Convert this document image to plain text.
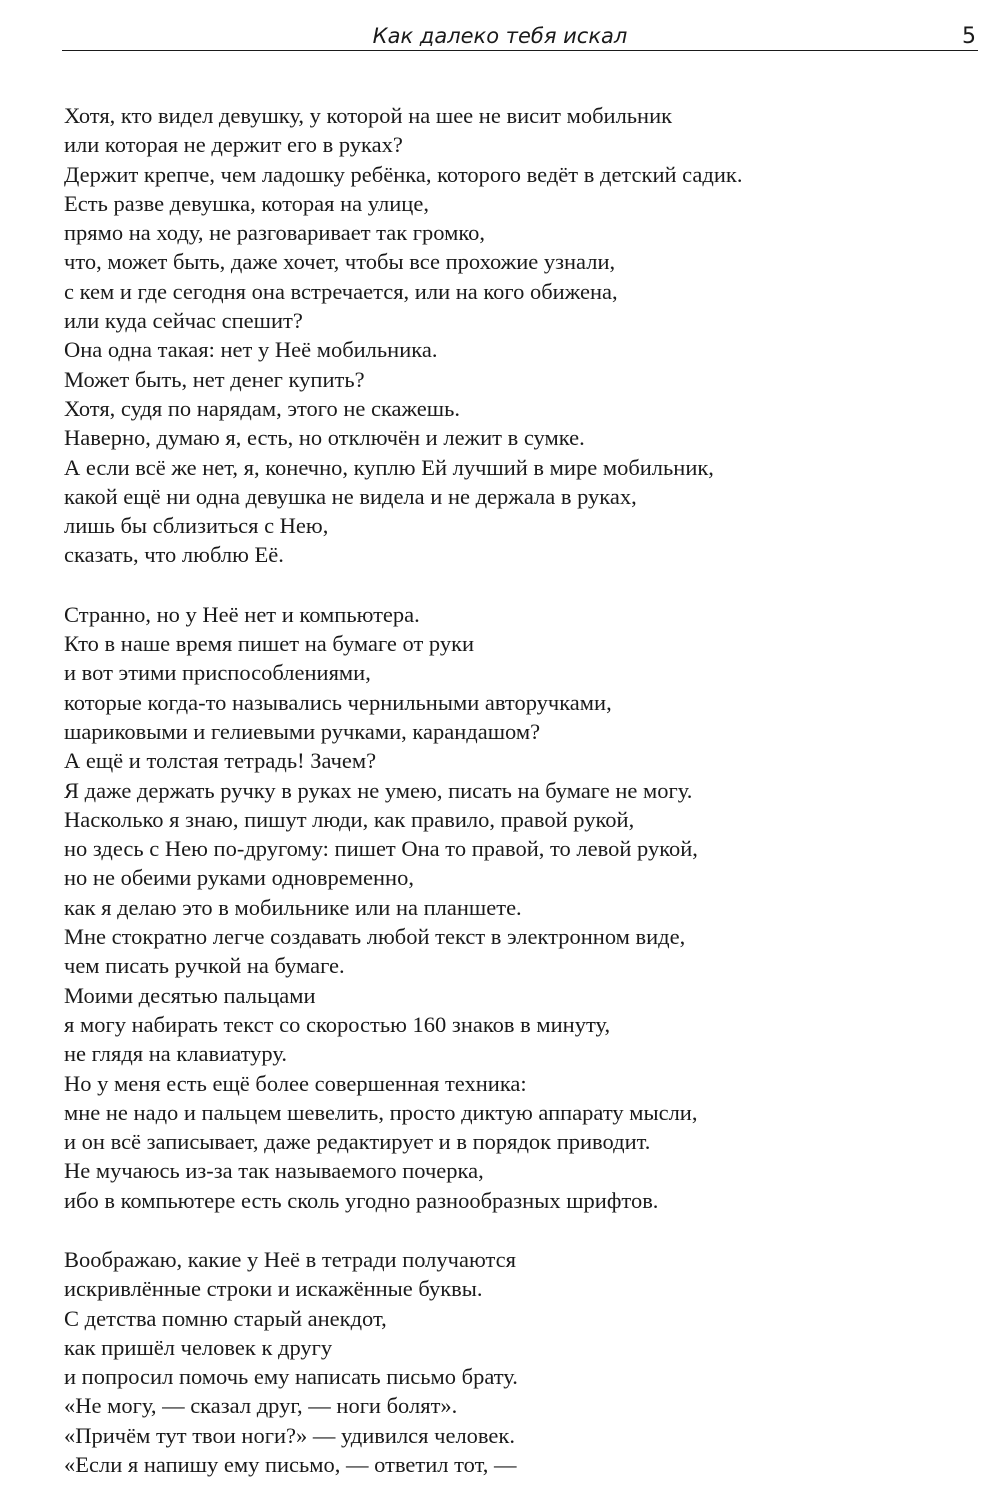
Как далеко тебя искал	5
Хотя, кто видел девушку, у которой на шее не висит мобильник
или которая не держит его в руках?
Держит крепче, чем ладошку ребёнка, которого ведёт в детский садик.
Есть разве девушка, которая на улице,
прямо на ходу, не разговаривает так громко,
что, может быть, даже хочет, чтобы все прохожие узнали,
с кем и где сегодня она встречается, или на кого обижена,
или куда сейчас спешит?
Она одна такая: нет у Неё мобильника.
Может быть, нет денег купить?
Хотя, судя по нарядам, этого не скажешь.
Наверно, думаю я, есть, но отключён и лежит в сумке.
А если всё же нет, я, конечно, куплю Ей лучший в мире мобильник,
какой ещё ни одна девушка не видела и не держала в руках,
лишь бы сблизиться с Нею,
сказать, что люблю Её.
Странно, но у Неё нет и компьютера.
Кто в наше время пишет на бумаге от руки
и вот этими приспособлениями,
которые когда-то назывались чернильными авторучками,
шариковыми и гелиевыми ручками, карандашом?
А ещё и толстая тетрадь! Зачем?
Я даже держать ручку в руках не умею, писать на бумаге не могу.
Насколько я знаю, пишут люди, как правило, правой рукой,
но здесь с Нею по-другому: пишет Она то правой, то левой рукой,
но не обеими руками одновременно,
как я делаю это в мобильнике или на планшете.
Мне стократно легче создавать любой текст в электронном виде,
чем писать ручкой на бумаге.
Моими десятью пальцами
я могу набирать текст со скоростью 160 знаков в минуту,
не глядя на клавиатуру.
Но у меня есть ещё более совершенная техника:
мне не надо и пальцем шевелить, просто диктую аппарату мысли,
и он всё записывает, даже редактирует и в порядок приводит.
Не мучаюсь из-за так называемого почерка,
ибо в компьютере есть сколь угодно разнообразных шрифтов.
Воображаю, какие у Неё в тетради получаются
искривлённые строки и искажённые буквы.
С детства помню старый анекдот,
как пришёл человек к другу
и попросил помочь ему написать письмо брату.
«Не могу, — сказал друг, — ноги болят».
«Причём тут твои ноги?» — удивился человек.
«Если я напишу ему письмо, — ответил тот, —
